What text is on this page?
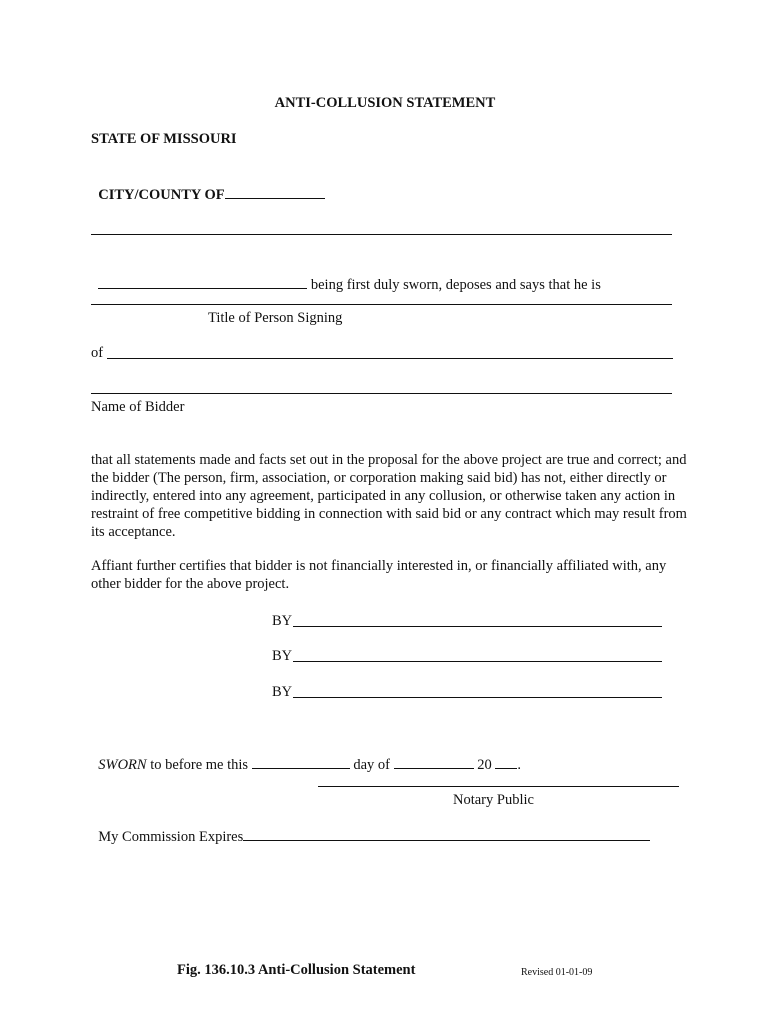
ANTI-COLLUSION STATEMENT
STATE OF MISSOURI

CITY/COUNTY OF

being first duly sworn, deposes and says that he is

Title of Person Signing
of
Name of Bidder
that all statements made and facts set out in the proposal for the above project are true and correct; and the bidder (The person, firm, association, or corporation making said bid) has not, either directly or indirectly, entered into any agreement, participated in any collusion, or otherwise taken any action in restraint of free competitive bidding in connection with said bid or any contract which may result from its acceptance.
Affiant further certifies that bidder is not financially interested in, or financially affiliated with, any other bidder for the above project.
BY
BY
BY

SWORN to before me this	day of	20 .

Notary Public

My Commission Expires

Fig. 136.10.3 Anti-Collusion Statement	Revised 01-01-09
